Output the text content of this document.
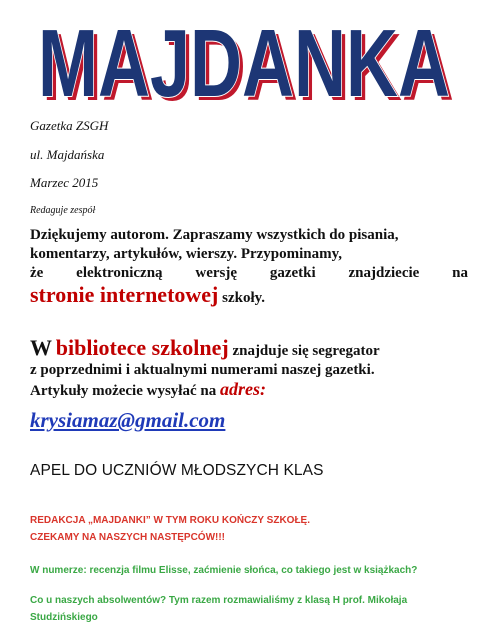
MAJDANKA
MAJDANKA
Gazetka ZSGH
ul. Majdańska
Marzec 2015
Redaguje zespół

Dziękujemy autorom. Zapraszamy wszystkich do pisania,

komentarzy, artykułów, wierszy. Przypominamy,

że elektroniczną wersję gazetki znajdziecie na

stronie internetowej szkoły.

W bibliotece szkolnej znajduje się segregator

z poprzednimi i aktualnymi numerami naszej gazetki.

Artykuły możecie wysyłać na adres:

krysiamaz@gmail.com
APEL DO UCZNIÓW MŁODSZYCH KLAS

REDAKCJA „MAJDANKI” W TYM ROKU KOŃCZY SZKOŁĘ.

CZEKAMY NA NASZYCH NASTĘPCÓW!!!

W numerze: recenzja filmu Elisse, zaćmienie słońca, co takiego jest w książkach?

Co u naszych absolwentów? Tym razem rozmawialiśmy z klasą H prof. Mikołaja

Studzińskiego
